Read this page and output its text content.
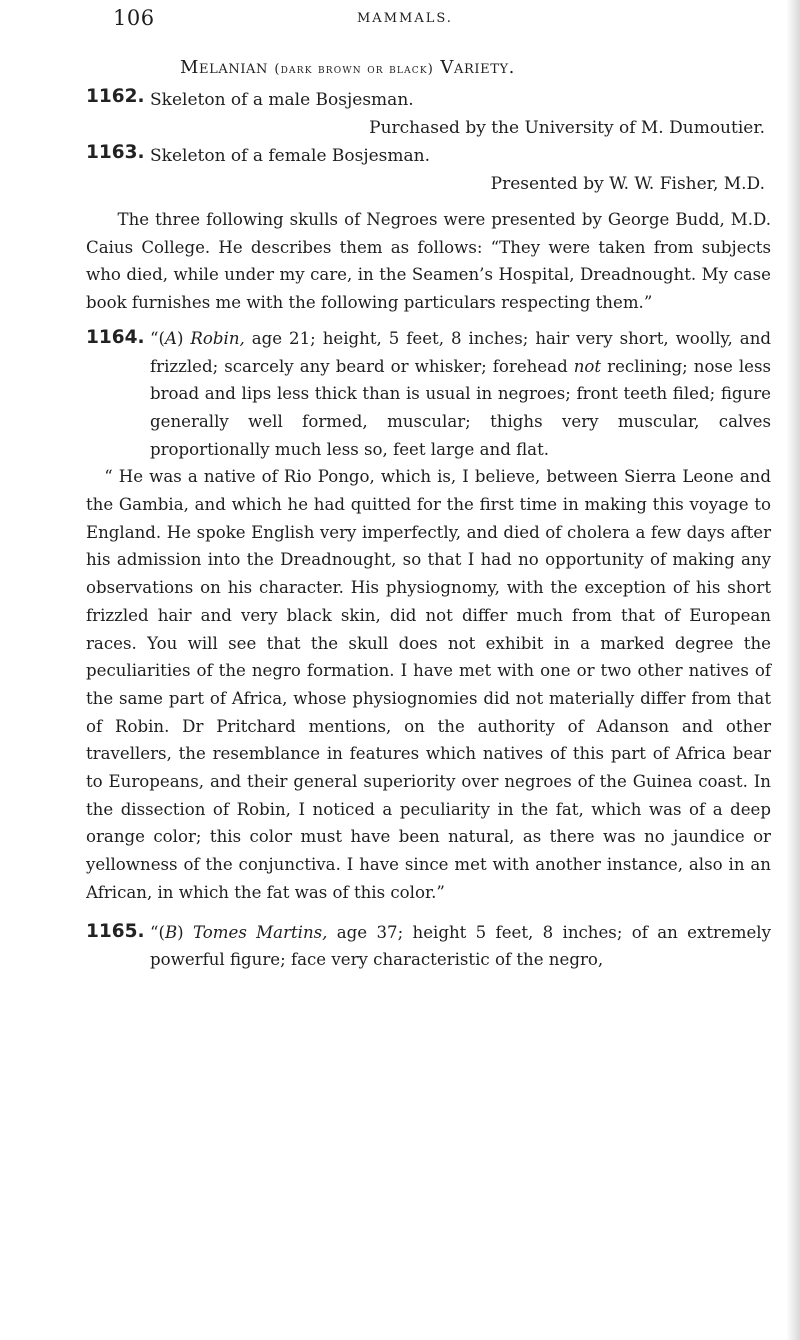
106	MAMMALS.
Melanian (dark brown or black) Variety.
1162. Skeleton of a male Bosjesman.

Purchased by the University of M. Dumoutier.

1163. Skeleton of a female Bosjesman.

Presented by W. W. Fisher, M.D.

The three following skulls of Negroes were presented by George Budd, M.D. Caius College. He describes them as follows: “They were taken from subjects who died, while under my care, in the Seamen’s Hospital, Dreadnought. My case book furnishes me with the following particulars respecting them.”

1164. “(A) Robin, age 21; height, 5 feet, 8 inches; hair very short, woolly, and frizzled; scarcely any beard or whisker; forehead not reclining; nose less broad and lips less thick than is usual in negroes; front teeth filed; figure generally well formed, muscular; thighs very muscular, calves proportionally much less so, feet large and flat.

“ He was a native of Rio Pongo, which is, I believe, between Sierra Leone and the Gambia, and which he had quitted for the first time in making this voyage to England. He spoke English very imperfectly, and died of cholera a few days after his admission into the Dreadnought, so that I had no opportunity of making any observations on his character. His physiognomy, with the exception of his short frizzled hair and very black skin, did not differ much from that of European races. You will see that the skull does not exhibit in a marked degree the peculiarities of the negro formation. I have met with one or two other natives of the same part of Africa, whose physiognomies did not materially differ from that of Robin. Dr Pritchard mentions, on the authority of Adanson and other travellers, the resemblance in features which natives of this part of Africa bear to Europeans, and their general superiority over negroes of the Guinea coast. In the dissection of Robin, I noticed a peculiarity in the fat, which was of a deep orange color; this color must have been natural, as there was no jaundice or yellowness of the conjunctiva. I have since met with another instance, also in an African, in which the fat was of this color.”

1165. “(B) Tomes Martins, age 37; height 5 feet, 8 inches; of an extremely powerful figure; face very characteristic of the negro,
